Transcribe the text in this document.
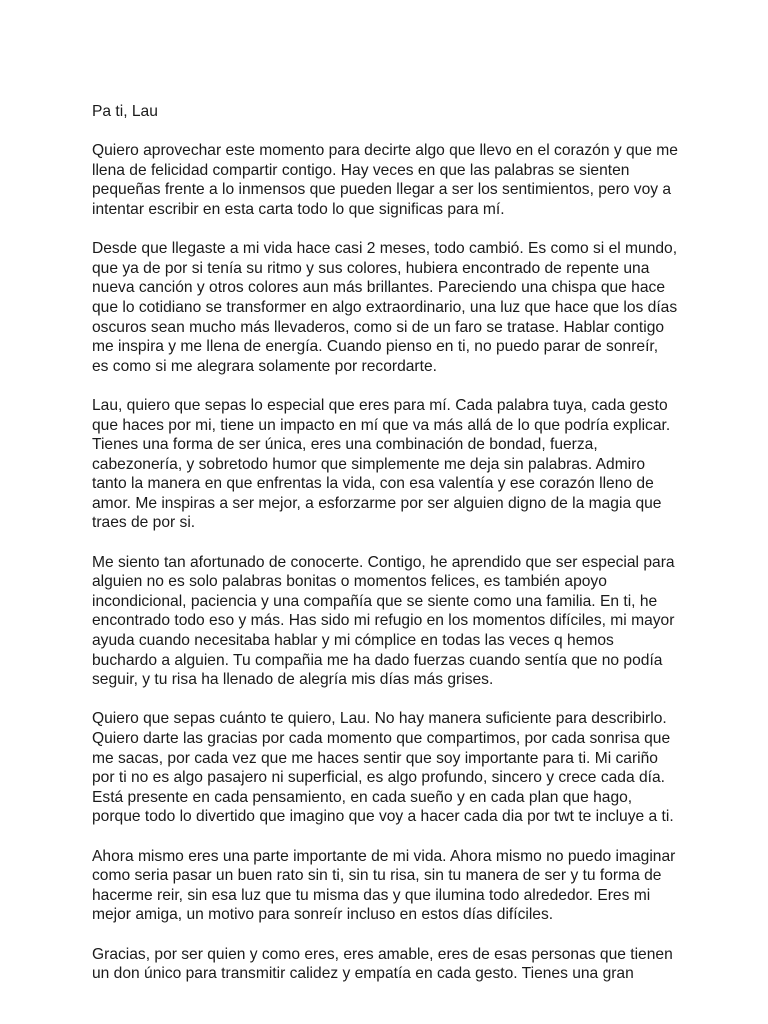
Pa ti, Lau

Quiero aprovechar este momento para decirte algo que llevo en el corazón y que me
llena de felicidad compartir contigo. Hay veces en que las palabras se sienten
pequeñas frente a lo inmensos que pueden llegar a ser los sentimientos, pero voy a
intentar escribir en esta carta todo lo que significas para mí.

Desde que llegaste a mi vida hace casi 2 meses, todo cambió. Es como si el mundo,
que ya de por si tenía su ritmo y sus colores, hubiera encontrado de repente una
nueva canción y otros colores aun más brillantes. Pareciendo una chispa que hace
que lo cotidiano se transformer en algo extraordinario, una luz que hace que los días
oscuros sean mucho más llevaderos, como si de un faro se tratase. Hablar contigo
me inspira y me llena de energía. Cuando pienso en ti, no puedo parar de sonreír,
es como si me alegrara solamente por recordarte.

Lau, quiero que sepas lo especial que eres para mí. Cada palabra tuya, cada gesto
que haces por mi, tiene un impacto en mí que va más allá de lo que podría explicar.
Tienes una forma de ser única, eres una combinación de bondad, fuerza,
cabezonería, y sobretodo humor que simplemente me deja sin palabras. Admiro
tanto la manera en que enfrentas la vida, con esa valentía y ese corazón lleno de
amor. Me inspiras a ser mejor, a esforzarme por ser alguien digno de la magia que
traes de por si.

Me siento tan afortunado de conocerte. Contigo, he aprendido que ser especial para
alguien no es solo palabras bonitas o momentos felices, es también apoyo
incondicional, paciencia y una compañía que se siente como una familia. En ti, he
encontrado todo eso y más. Has sido mi refugio en los momentos difíciles, mi mayor
ayuda cuando necesitaba hablar y mi cómplice en todas las veces q hemos
buchardo a alguien. Tu compañia me ha dado fuerzas cuando sentía que no podía
seguir, y tu risa ha llenado de alegría mis días más grises.

Quiero que sepas cuánto te quiero, Lau. No hay manera suficiente para describirlo.
Quiero darte las gracias por cada momento que compartimos, por cada sonrisa que
me sacas, por cada vez que me haces sentir que soy importante para ti. Mi cariño
por ti no es algo pasajero ni superficial, es algo profundo, sincero y crece cada día.
Está presente en cada pensamiento, en cada sueño y en cada plan que hago,
porque todo lo divertido que imagino que voy a hacer cada dia por twt te incluye a ti.

Ahora mismo eres una parte importante de mi vida. Ahora mismo no puedo imaginar
como seria pasar un buen rato sin ti, sin tu risa, sin tu manera de ser y tu forma de
hacerme reir, sin esa luz que tu misma das y que ilumina todo alrededor. Eres mi
mejor amiga, un motivo para sonreír incluso en estos días difíciles.

Gracias, por ser quien y como eres, eres amable, eres de esas personas que tienen
un don único para transmitir calidez y empatía en cada gesto. Tienes una gran
